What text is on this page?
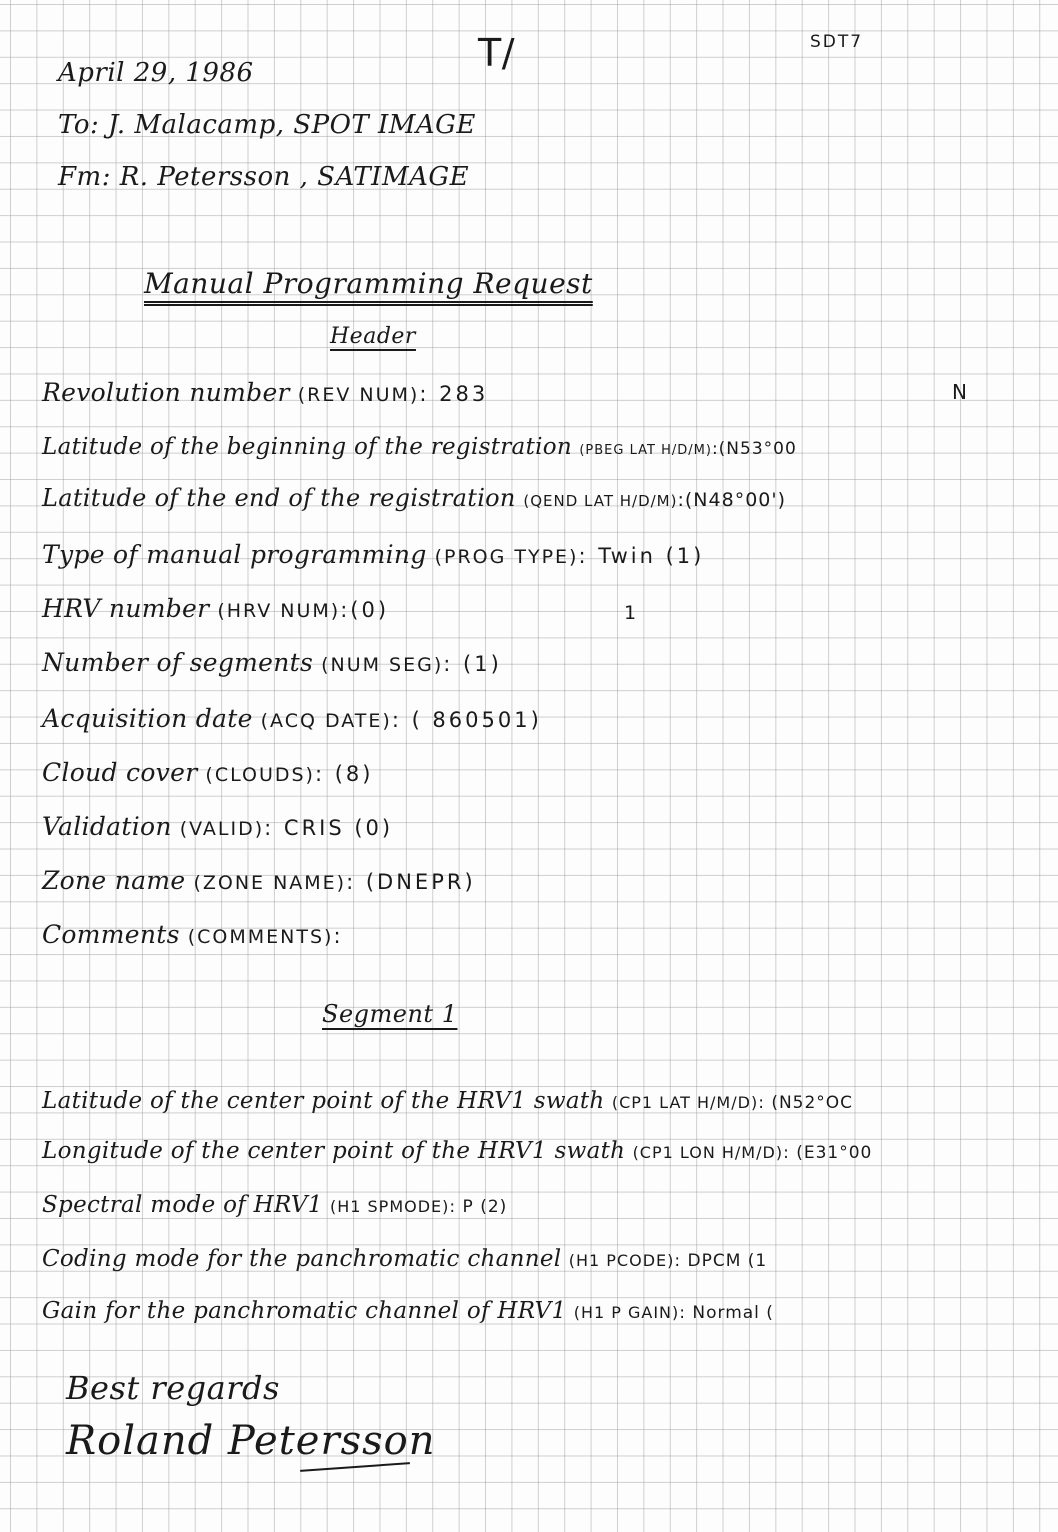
SDT7
T/
April 29, 1986
To: J. Malacamp, SPOT IMAGE
Fm: R. Petersson , SATIMAGE
Manual Programming Request
Header
N
1
Revolution number (REV NUM): 283
Latitude of the beginning of the registration (PBEG LAT H/D/M):(N53°00
Latitude of the end of the registration (QEND LAT H/D/M):(N48°00')
Type of manual programming (PROG TYPE): Twin (1)
HRV number (HRV NUM):(0)
Number of segments (NUM SEG): (1)
Acquisition date (ACQ DATE): ( 860501)
Cloud cover (CLOUDS): (8)
Validation (VALID): CRIS (0)
Zone name (ZONE NAME): (DNEPR)
Comments (COMMENTS):
Segment 1
Latitude of the center point of the HRV1 swath (CP1 LAT H/M/D): (N52°OC
Longitude of the center point of the HRV1 swath (CP1 LON H/M/D): (E31°00
Spectral mode of HRV1 (H1 SPMODE): P (2)
Coding mode for the panchromatic channel (H1 PCODE): DPCM (1
Gain for the panchromatic channel of HRV1 (H1 P GAIN): Normal (
Best regards
Roland Petersson
